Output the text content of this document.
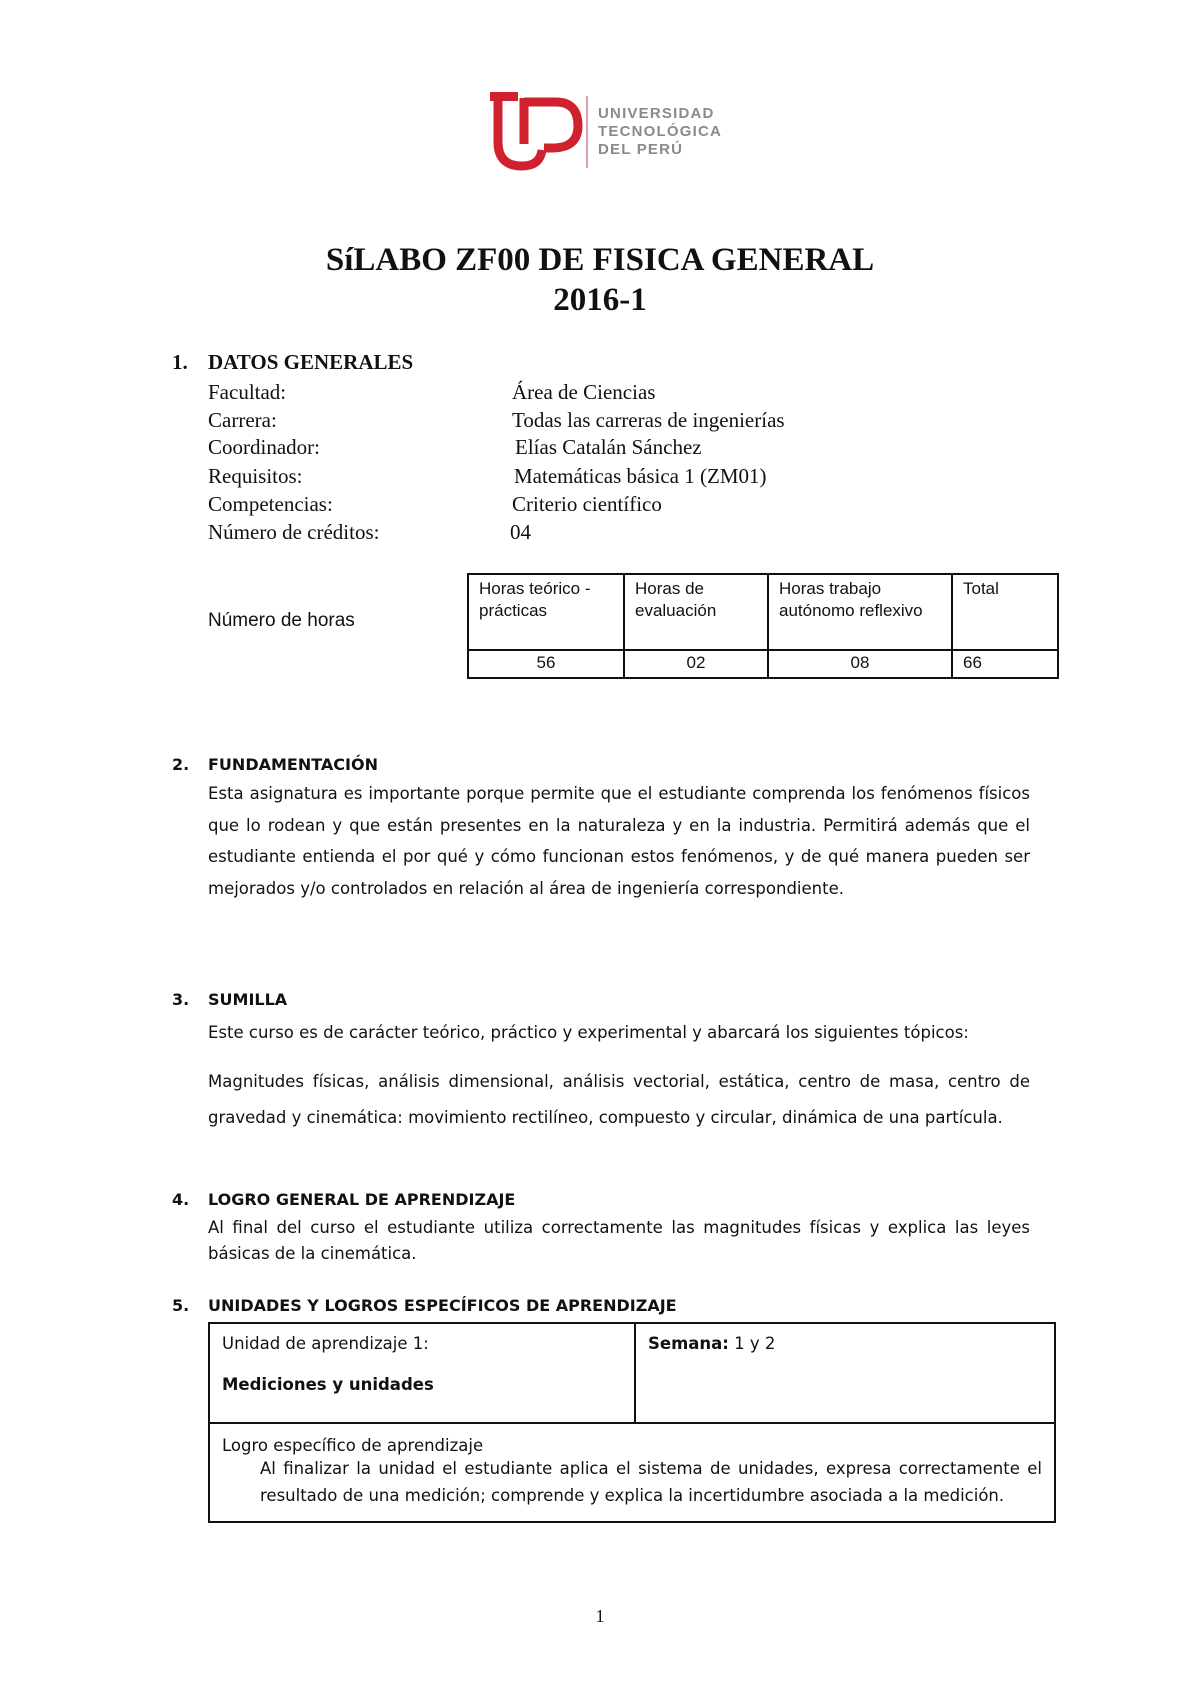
UNIVERSIDAD
TECNOLÓGICA
DEL PERÚ
SíLABO ZF00 DE FISICA GENERAL
2016-1
1. DATOS GENERALES
Facultad:	Área de Ciencias
Carrera:	Todas las carreras de ingenierías
Coordinador:	Elías Catalán Sánchez
Requisitos:	Matemáticas básica 1 (ZM01)
Competencias:	Criterio científico
Número de créditos:	04
Número de horas
Horas teórico - prácticas	Horas de evaluación	Horas trabajo autónomo reflexivo	Total
56	02	08	66
2. FUNDAMENTACIÓN
Esta asignatura es importante porque permite que el estudiante comprenda los fenómenos físicos que lo rodean y que están presentes en la naturaleza y en la industria. Permitirá además que el estudiante entienda el por qué y cómo funcionan estos fenómenos, y de qué manera pueden ser mejorados y/o controlados en relación al área de ingeniería correspondiente.
3. SUMILLA
Este curso es de carácter teórico, práctico y experimental y abarcará los siguientes tópicos:
Magnitudes físicas, análisis dimensional, análisis vectorial, estática, centro de masa, centro de gravedad y cinemática: movimiento rectilíneo, compuesto y circular, dinámica de una partícula.
4. LOGRO GENERAL DE APRENDIZAJE
Al final del curso el estudiante utiliza correctamente las magnitudes físicas y explica las leyes básicas de la cinemática.
5. UNIDADES Y LOGROS ESPECÍFICOS DE APRENDIZAJE
Unidad de aprendizaje 1:
Mediciones y unidades
	Semana: 1 y 2

Logro específico de aprendizaje
Al finalizar la unidad el estudiante aplica el sistema de unidades, expresa correctamente el resultado de una medición; comprende y explica la incertidumbre asociada a la medición.
1
